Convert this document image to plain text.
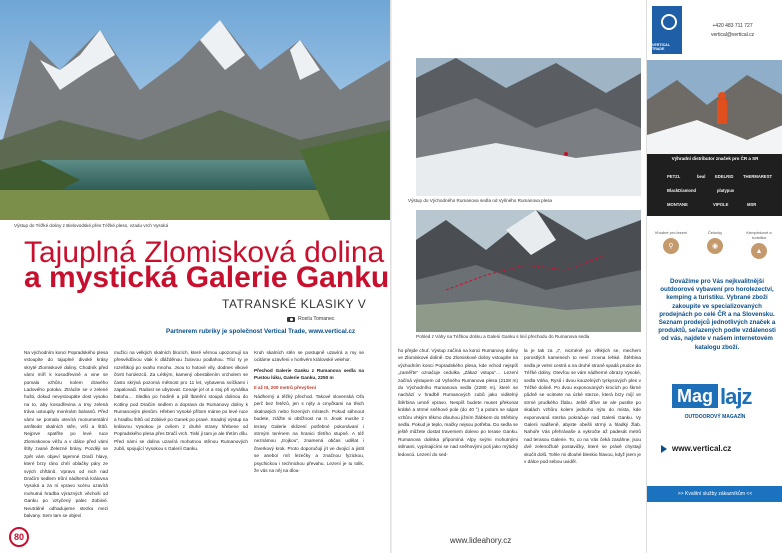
Výstup do Téžké doliny z Bielovodské přes Téžké pleso, vzadu vrch Vysoká
Tajuplná Zlomisková dolina
a mystická Galerie Ganku
TATRANSKÉ KLASIKY V
Rosťa Tomanec
Partnerem rubriky je společnost Vertical Trade, www.vertical.cz

Na východním konci Popradského plesa vstoupíte do tajuplné divoké krásy skryté Zlomiskové doliny. Chodník před vámi míří k kosodřevině a vine se pomalu vzhůru kolem dravého Ladového potoka. Ztrácíte se v zelené hušti, dokud nevystoupáte dost vysoko na to, aby kosodřevina a trsy zelená tráva ustoupily morénám balvanů. Před vámi se pomalu otevírá monumentální amfiteátr skalních stěn, vrší a štítů. Nejprve spatříte po levé ruce Zlomiskovou věžu a v dálce před vámi štíty zvané Železné brány. Později se zpět vám objeví tajemné Dračí hlavy, které brzy ráno chrlí oblačky páry ze svých chřtánů. Vpravo od nich nad Dračím sedlem trůní nádherná královna Vysoká a za ní vpravo scénu uzavírá mohutná hradba výrazných věchoši od Ganku po vztyčený palec Zobiivé. Neutrálně odhadujeme stezku mezi balvany. Sem tam se objeví

mužíci na velkých skalních blocích, které věrnou upozornují na přesvědčivou vlak k dlážděnou žulovou podlahou. Tlící ty je rozeštkoji po svahu mnoho. Jsou to hotové víly, dodnes vlkové čtvrti horolezců. Za Létkým, kamený obestálením vrcholem se často skrývá pozorná mětnost pro 11 let, vybavena svíčkami i zapalovači. Radost se ubytovat. Cenaje jel ot a stoj při vynáška batohu… Sledka po hodině a půl lbanění stoupá dolinou do Kotliny pod Dračím sedlem a doprava do Rumanovy doliny k Rumanovým plesům. Hřeben Vysoké přítom máme po levé ruce a hradbu štítů od Zobiivé po Ganek po pravé. Snadný výstup na královnu Vysokou je ovšem z druhé strany hřebene od Popradského plesa přes Dračí vrch. Tiskí ji tam je ale třetím dílu. Před námi se dolina uzavírá mohutnou stěnou Rumanových zubů, spojující Vysokou s Galerií Ganku.

Kruh skalních stěn se postupně uzavírá a my se ocitáme uzavřeni v horlivém královské velehor.

Přechod Galerie Ganku z Rumanova sedla na Pustou lúku, Galerie Ganku, 2250 m

II až III, 200 metrů převýšení

Nádherný a těžký přechod. Takové slovenská Ořa perč bez řetězů, jen s nýty a cmyčkami na třech skalnatých nebo řezených místech. Pokud sáhnout budete, zrážte si obtížnost na II. Jinak musíte z terasy Galerie sklizení potřebné pokonávaní i strmým terénem na hranici třetího stupně. A též neznámou „trojkou“, znamená občas udělat i čtverkový krok. Proto doporučují jít ve dvojicí a jistit se aneboí mít lezečky a značnou fyzickou, psychickou i technickou převahu. Lezení je tu tolik, že vás na něj na dlou-

80
Výstup do Východného Rumanova sedla od Vyšného Rumanova plesa
Pohled z Váhy na Téžkou dolinu a Galerii Ganku s linií přechodu do Rumanova sedla

ho přejde chuť. Výstup začíná na konci Rumanovy doliny ve Zlomiskové dolině. Do Zlomiskové doliny vstoupíte na východním konci Popradského plesa, kde vchod nejspíš „zaměřte“ označuje cedulka „Zákaz vstupu“… Lezení začíná výstupem od Vyšného Rumanova plesa (2128 m) do Východního Rumanova sedla (2280 m), které se nachází v hradbě Rumanových zubů jako viditelný štěrbina umně vpravo. Nespíš budete muset překonat krátké a strmé sněhové pole (do 40 °) a potom se sápat vzhůru vhkým těkmo dlouhou jižním žlábkem do Stěrbiny sedla. Pokud je teplo, mačky nejsou potřeba. Do sedla se ještě můžete dostat traversem dolevo po terase Ganku. Rumanova dolinka připomíná Alpy svými mohutnými stěnami, vypínajícími se nad sněhovými poli jako mýtický ledovcú. Lezení do sed-

la je tak za „I“, nicméně po vlhkých se, mechem porostlých kamenech to není zrovna lehké. Štěrbina sedla je velmi cestrá a na druhé straně spadá prudce do Téžké doliny. Otevřou se vám nádherné obrazy Vysoké, sedla Váha, Rysů i dvou kouzelných tyrkysových ples v Téžké dolině. Po dvou exponovaných krocích po škrné půdně se ocitnete na úzké stezce, která brzy míjí ve strmé prudkého žlabu. Ještě dříve se ale pustíte po skalách vzhůru kolem jednoho nýtu do místa, kde exponovaná stezka pokračuje nad Galerii Ganku. Vy Galerii nadšeně, abyste obešli strmý a hladký žlab. Nahoře Vás přehrávaše a vykročte až padesát metrů nad terasou Galerie. To, co na Vás čeká zasáhne, jsou dvě zelenožluté postavičky, které se právě chystají skočit dolů. Tohle mi dlouhé bleskio hlavou, když jsem je v dálce pod sebou uviděl.

www.lideahory.cz
VERTICAL TRADE
+420 483 711 727
vertical@vertical.cz
Výhradní distributor značek pro ČR a SR
PETZL	beal EDELRID THERMAREST
BlackDiamond	platypus
MONTANE	VIPOLE	MSR
Vhodné pro lezení
⚲
Čelovky
◉
Kempinkové a turistika
▲
Dovážíme pro Vás nejkvalitnější outdoorové vybavení pro horolezectví, kemping a turistiku. Vybrané zboží zakoupíte ve specializovaných prodejnách po celé ČR a na Slovensku. Seznam prodejců jednotlivých značek a produktů, seřazených podle vzdálenosti od vás, najdete v našem internetovém katalogu zboží.
Mag lajz
OUTDOOROVÝ MAGAZÍN
www.vertical.cz
>> Kvalitní služby zákazníkům <<
